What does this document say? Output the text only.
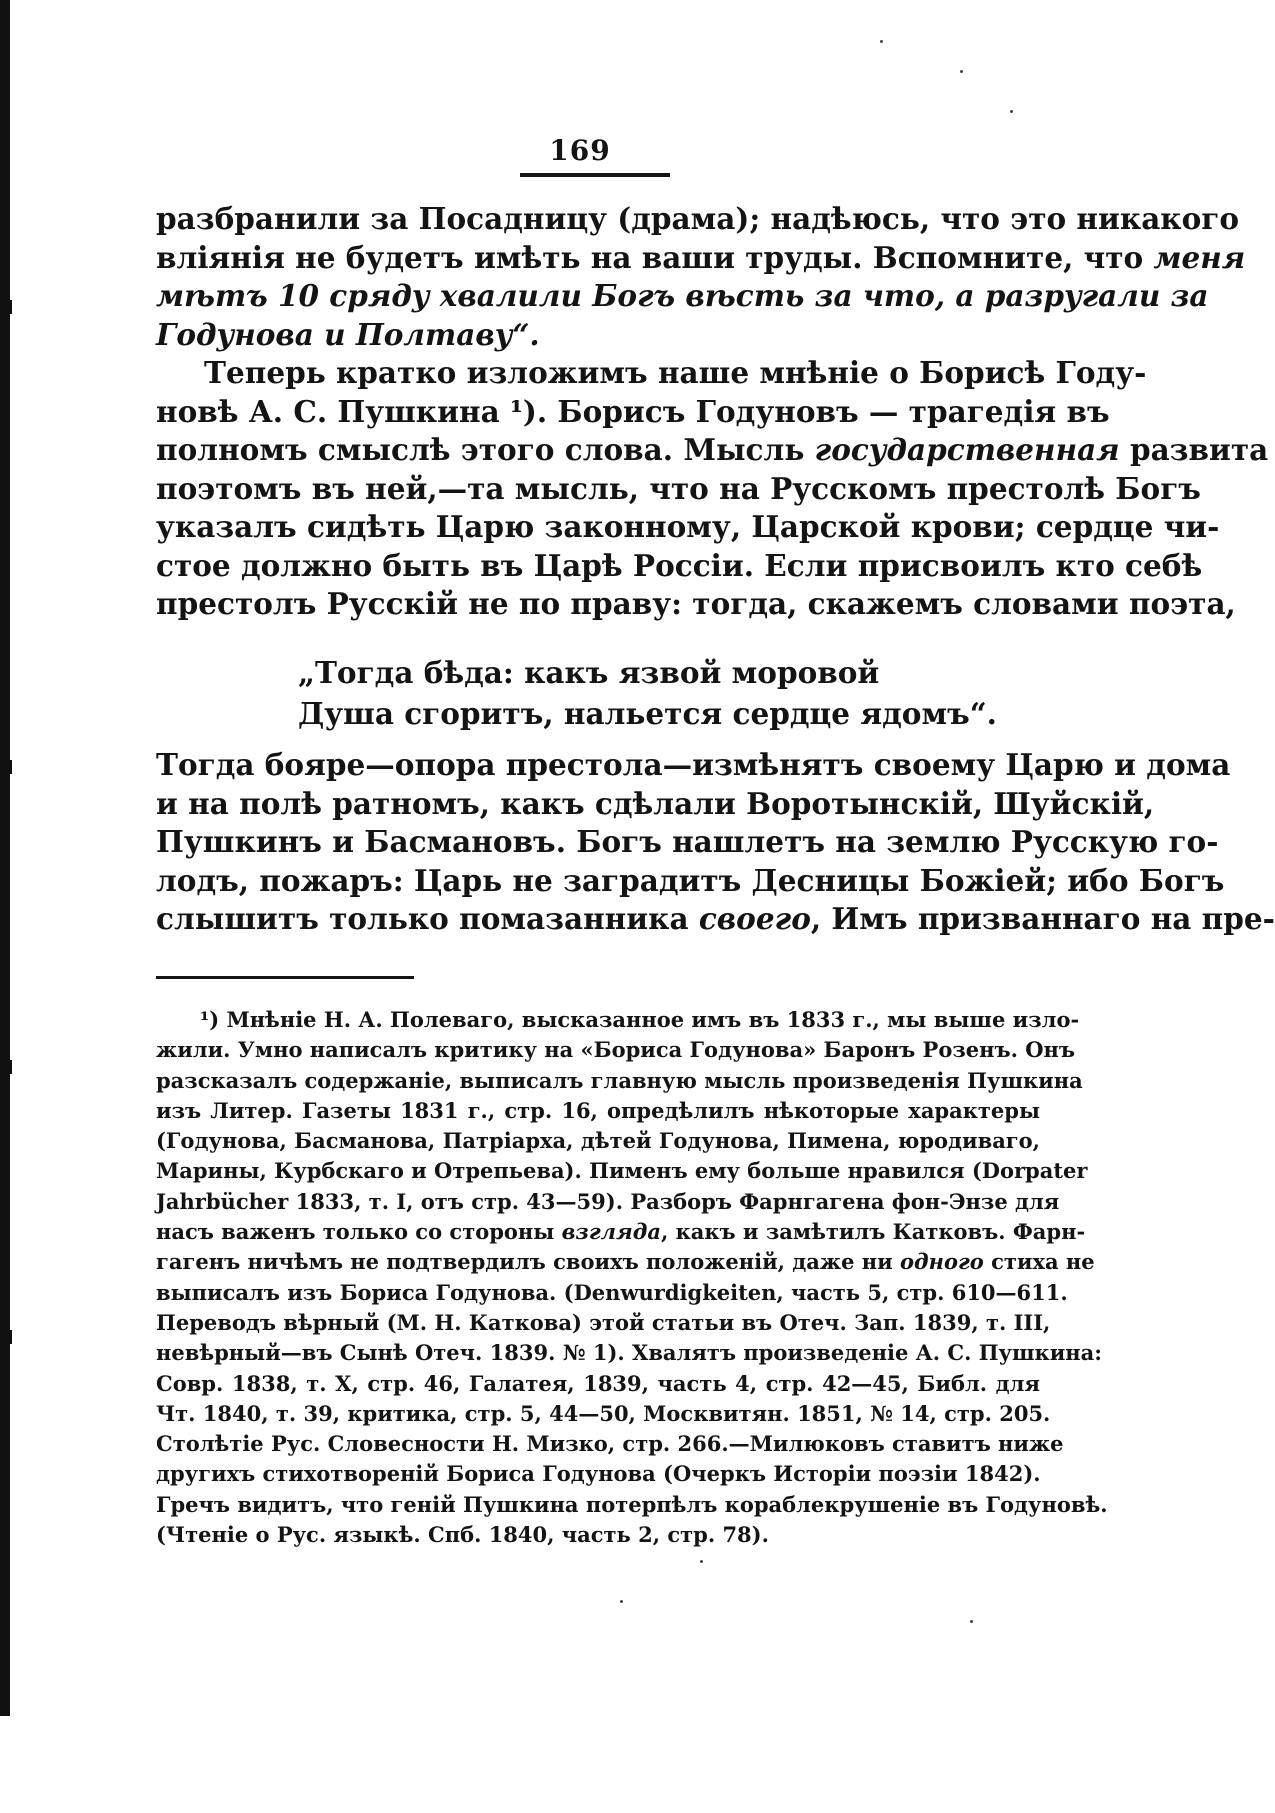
169
разбранили за Посадницу (драма); надѣюсь, что это никакого
вліянія не будетъ имѣть на ваши труды. Вспомните, что меня
мѣтъ 10 сряду хвалили Богъ вѣсть за что, а разругали за
Годунова и Полтаву“.
Теперь кратко изложимъ наше мнѣніе о Борисѣ Году-
новѣ А. С. Пушкина ¹). Борисъ Годуновъ — трагедія въ
полномъ смыслѣ этого слова. Мысль государственная развита
поэтомъ въ ней,—та мысль, что на Русскомъ престолѣ Богъ
указалъ сидѣть Царю законному, Царской крови; сердце чи-
стое должно быть въ Царѣ Россіи. Если присвоилъ кто себѣ
престолъ Русскій не по праву: тогда, скажемъ словами поэта,
„Тогда бѣда: какъ язвой моровой
Душа сгоритъ, нальется сердце ядомъ“.
Тогда бояре—опора престола—измѣнятъ своему Царю и дома
и на полѣ ратномъ, какъ сдѣлали Воротынскій, Шуйскій,
Пушкинъ и Басмановъ. Богъ нашлетъ на землю Русскую го-
лодъ, пожаръ: Царь не заградитъ Десницы Божіей; ибо Богъ
слышитъ только помазанника своего, Имъ призваннаго на пре-
¹) Мнѣніе Н. А. Полеваго, высказанное имъ въ 1833 г., мы выше изло-
жили. Умно написалъ критику на «Бориса Годунова» Баронъ Розенъ. Онъ
разсказалъ содержаніе, выписалъ главную мысль произведенія Пушкина
изъ Литер. Газеты 1831 г., стр. 16, опредѣлилъ нѣкоторые характеры
(Годунова, Басманова, Патріарха, дѣтей Годунова, Пимена, юродиваго,
Марины, Курбскаго и Отрепьева). Пименъ ему больше нравился (Dorpater
Jahrbücher 1833, т. I, отъ стр. 43—59). Разборъ Фарнгагена фон-Энзе для
насъ важенъ только со стороны взгляда, какъ и замѣтилъ Катковъ. Фарн-
гагенъ ничѣмъ не подтвердилъ своихъ положеній, даже ни одного стиха не
выписалъ изъ Бориса Годунова. (Denwurdigkeiten, часть 5, стр. 610—611.
Переводъ вѣрный (М. Н. Каткова) этой статьи въ Отеч. Зап. 1839, т. III,
невѣрный—въ Сынѣ Отеч. 1839. № 1). Хвалятъ произведеніе А. С. Пушкина:
Совр. 1838, т. X, стр. 46, Галатея, 1839, часть 4, стр. 42—45, Библ. для
Чт. 1840, т. 39, критика, стр. 5, 44—50, Москвитян. 1851, № 14, стр. 205.
Столѣтіе Рус. Словесности Н. Мизко, стр. 266.—Милюковъ ставитъ ниже
другихъ стихотвореній Бориса Годунова (Очеркъ Исторіи поэзіи 1842).
Гречъ видитъ, что геній Пушкина потерпѣлъ кораблекрушеніе въ Годуновѣ.
(Чтеніе о Рус. языкѣ. Спб. 1840, часть 2, стр. 78).
